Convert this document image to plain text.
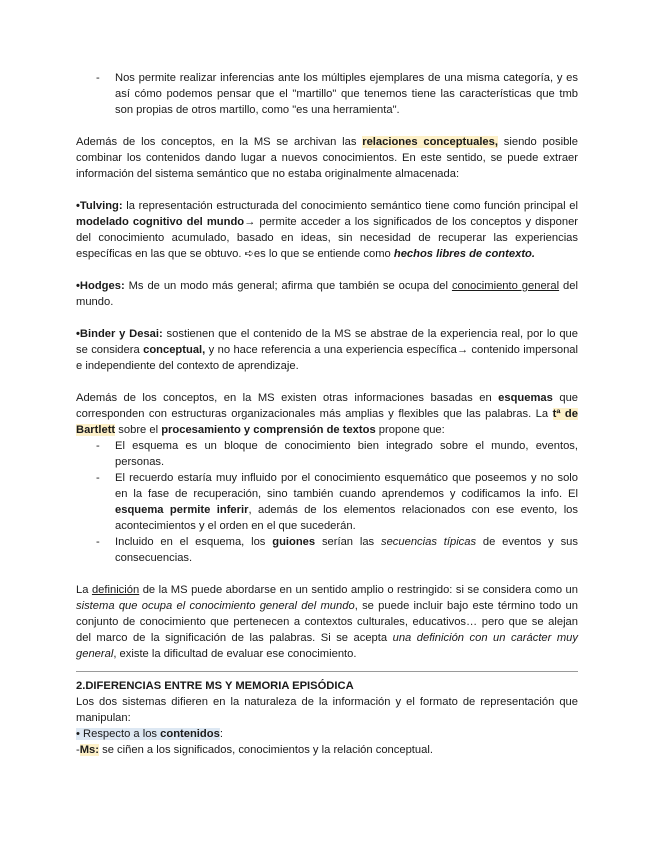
- Nos permite realizar inferencias ante los múltiples ejemplares de una misma categoría, y es así cómo podemos pensar que el "martillo" que tenemos tiene las características que tmb son propias de otros martillo, como "es una herramienta".

Además de los conceptos, en la MS se archivan las relaciones conceptuales, siendo posible combinar los contenidos dando lugar a nuevos conocimientos. En este sentido, se puede extraer información del sistema semántico que no estaba originalmente almacenada:

•Tulving: la representación estructurada del conocimiento semántico tiene como función principal el modelado cognitivo del mundo→ permite acceder a los significados de los conceptos y disponer del conocimiento acumulado, basado en ideas, sin necesidad de recuperar las experiencias específicas en las que se obtuvo. ➪es lo que se entiende como hechos libres de contexto.

•Hodges: Ms de un modo más general; afirma que también se ocupa del conocimiento general del mundo.

•Binder y Desai: sostienen que el contenido de la MS se abstrae de la experiencia real, por lo que se considera conceptual, y no hace referencia a una experiencia específica→ contenido impersonal e independiente del contexto de aprendizaje.

Además de los conceptos, en la MS existen otras informaciones basadas en esquemas que corresponden con estructuras organizacionales más amplias y flexibles que las palabras. La tª de Bartlett sobre el procesamiento y comprensión de textos propone que:

- El esquema es un bloque de conocimiento bien integrado sobre el mundo, eventos, personas.
- El recuerdo estaría muy influido por el conocimiento esquemático que poseemos y no solo en la fase de recuperación, sino también cuando aprendemos y codificamos la info. El esquema permite inferir, además de los elementos relacionados con ese evento, los acontecimientos y el orden en el que sucederán.
- Incluido en el esquema, los guiones serían las secuencias típicas de eventos y sus consecuencias.

La definición de la MS puede abordarse en un sentido amplio o restringido: si se considera como un sistema que ocupa el conocimiento general del mundo, se puede incluir bajo este término todo un conjunto de conocimiento que pertenecen a contextos culturales, educativos… pero que se alejan del marco de la significación de las palabras. Si se acepta una definición con un carácter muy general, existe la dificultad de evaluar ese conocimiento.

2.DIFERENCIAS ENTRE MS Y MEMORIA EPISÓDICA

Los dos sistemas difieren en la naturaleza de la información y el formato de representación que manipulan:

• Respecto a los contenidos:

-Ms: se ciñen a los significados, conocimientos y la relación conceptual.
